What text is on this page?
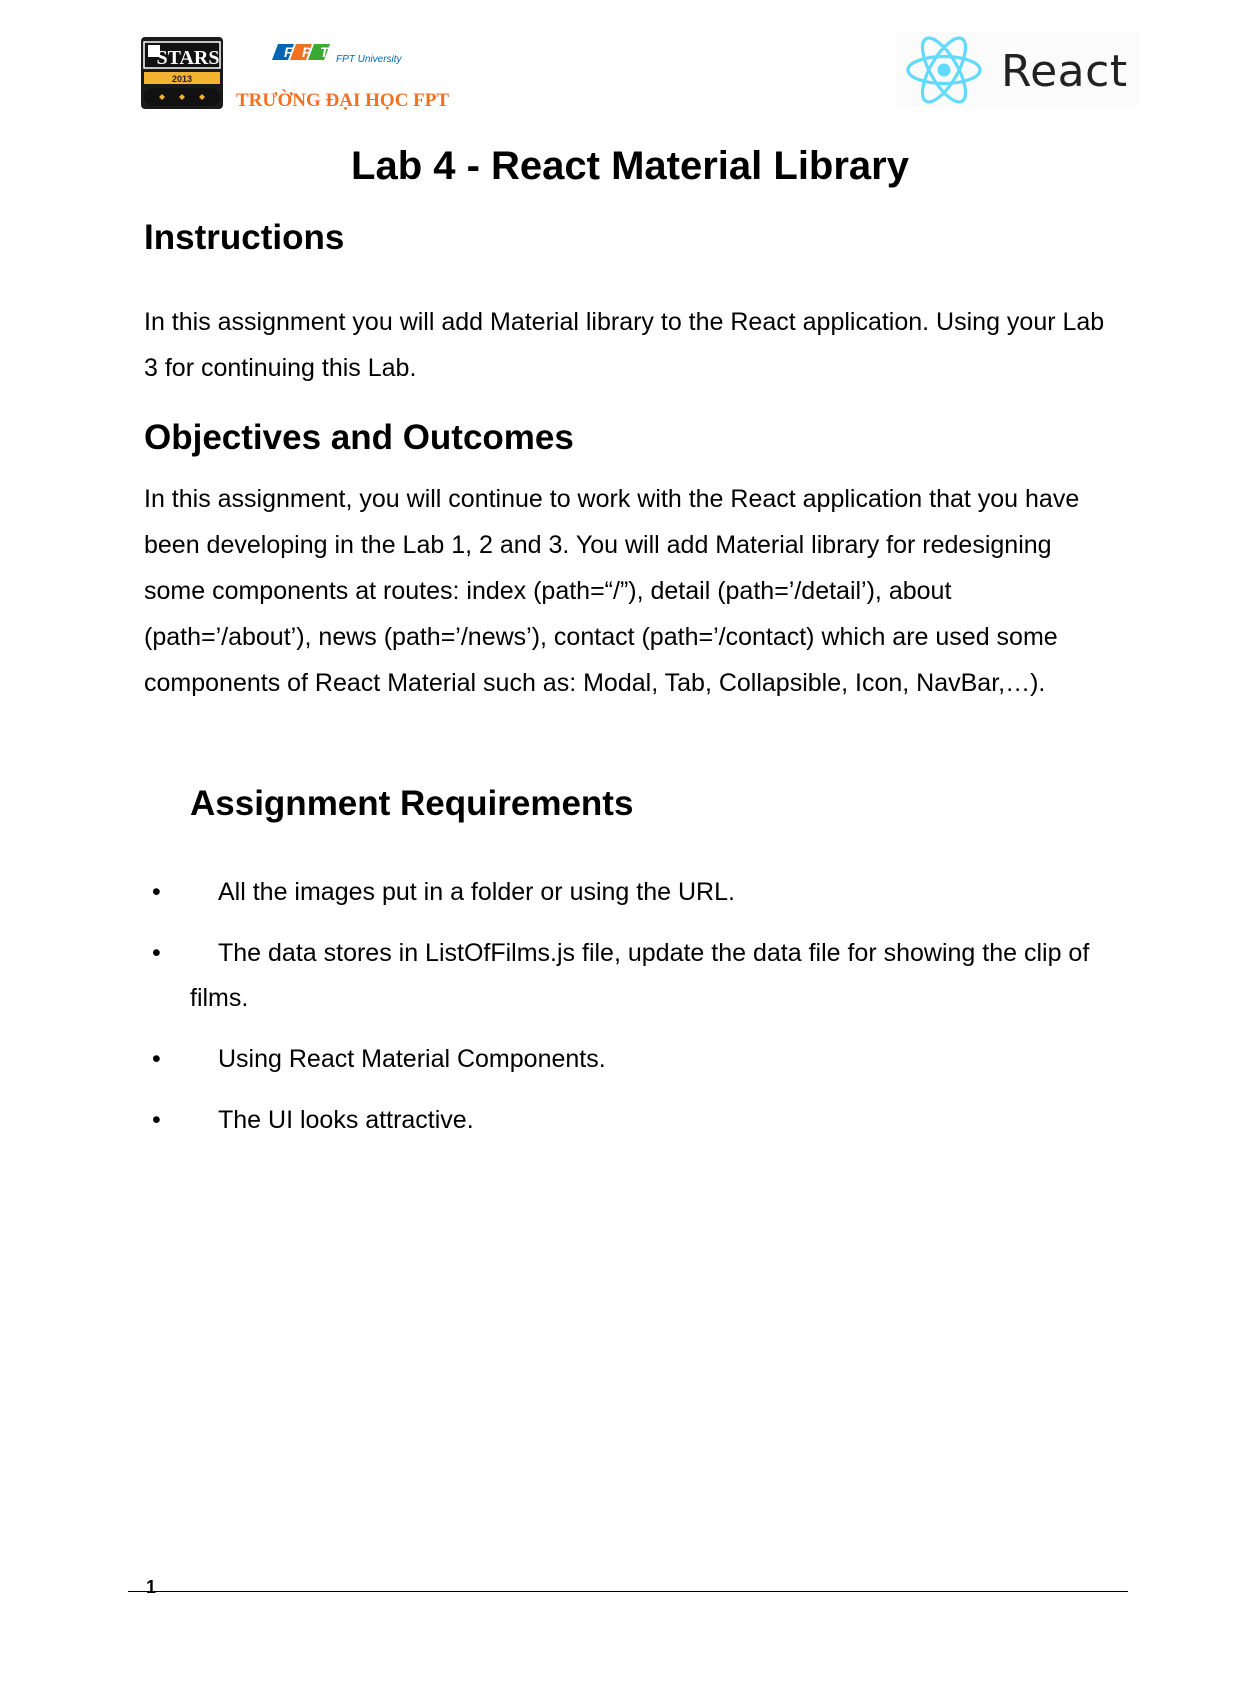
STARS
2013
F P T FPT University
TRƯỜNG ĐẠI HỌC FPT
React
Lab 4 - React Material Library
Instructions
In this assignment you will add Material library to the React application. Using your Lab 3 for continuing this Lab.
Objectives and Outcomes
In this assignment, you will continue to work with the React application that you have been developing in the Lab 1, 2 and 3. You will add Material library for redesigning some components at routes: index (path=“/”), detail (path=’/detail’), about (path=’/about’), news (path=’/news’), contact (path=’/contact) which are used some components of React Material such as: Modal, Tab, Collapsible, Icon, NavBar,…).
Assignment Requirements
•	All the images put in a folder or using the URL.
•	The data stores in ListOfFilms.js file, update the data file for showing the clip of films.
•	Using React Material Components.
•	The UI looks attractive.
1
